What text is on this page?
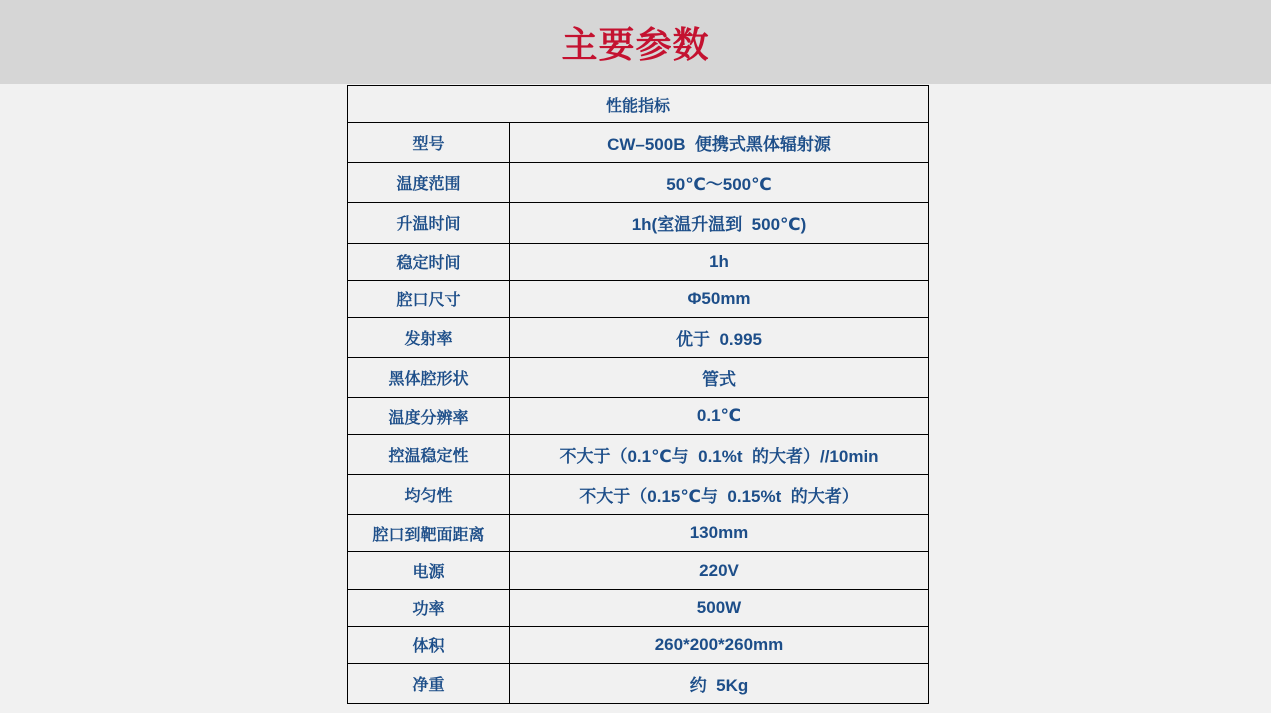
主要参数
性能指标	
型号	CW–500B  便携式黑体辐射源
温度范围	50℃～500℃
升温时间	1h(室温升温到  500℃)
稳定时间	1h
腔口尺寸	Φ50mm
发射率	优于  0.995
黑体腔形状	管式
温度分辨率	0.1℃
控温稳定性	不大于（0.1℃与  0.1%t  的大者）//10min
均匀性	不大于（0.15℃与  0.15%t  的大者）
腔口到靶面距离	130mm
电源	220V
功率	500W
体积	260*200*260mm
净重	约  5Kg
